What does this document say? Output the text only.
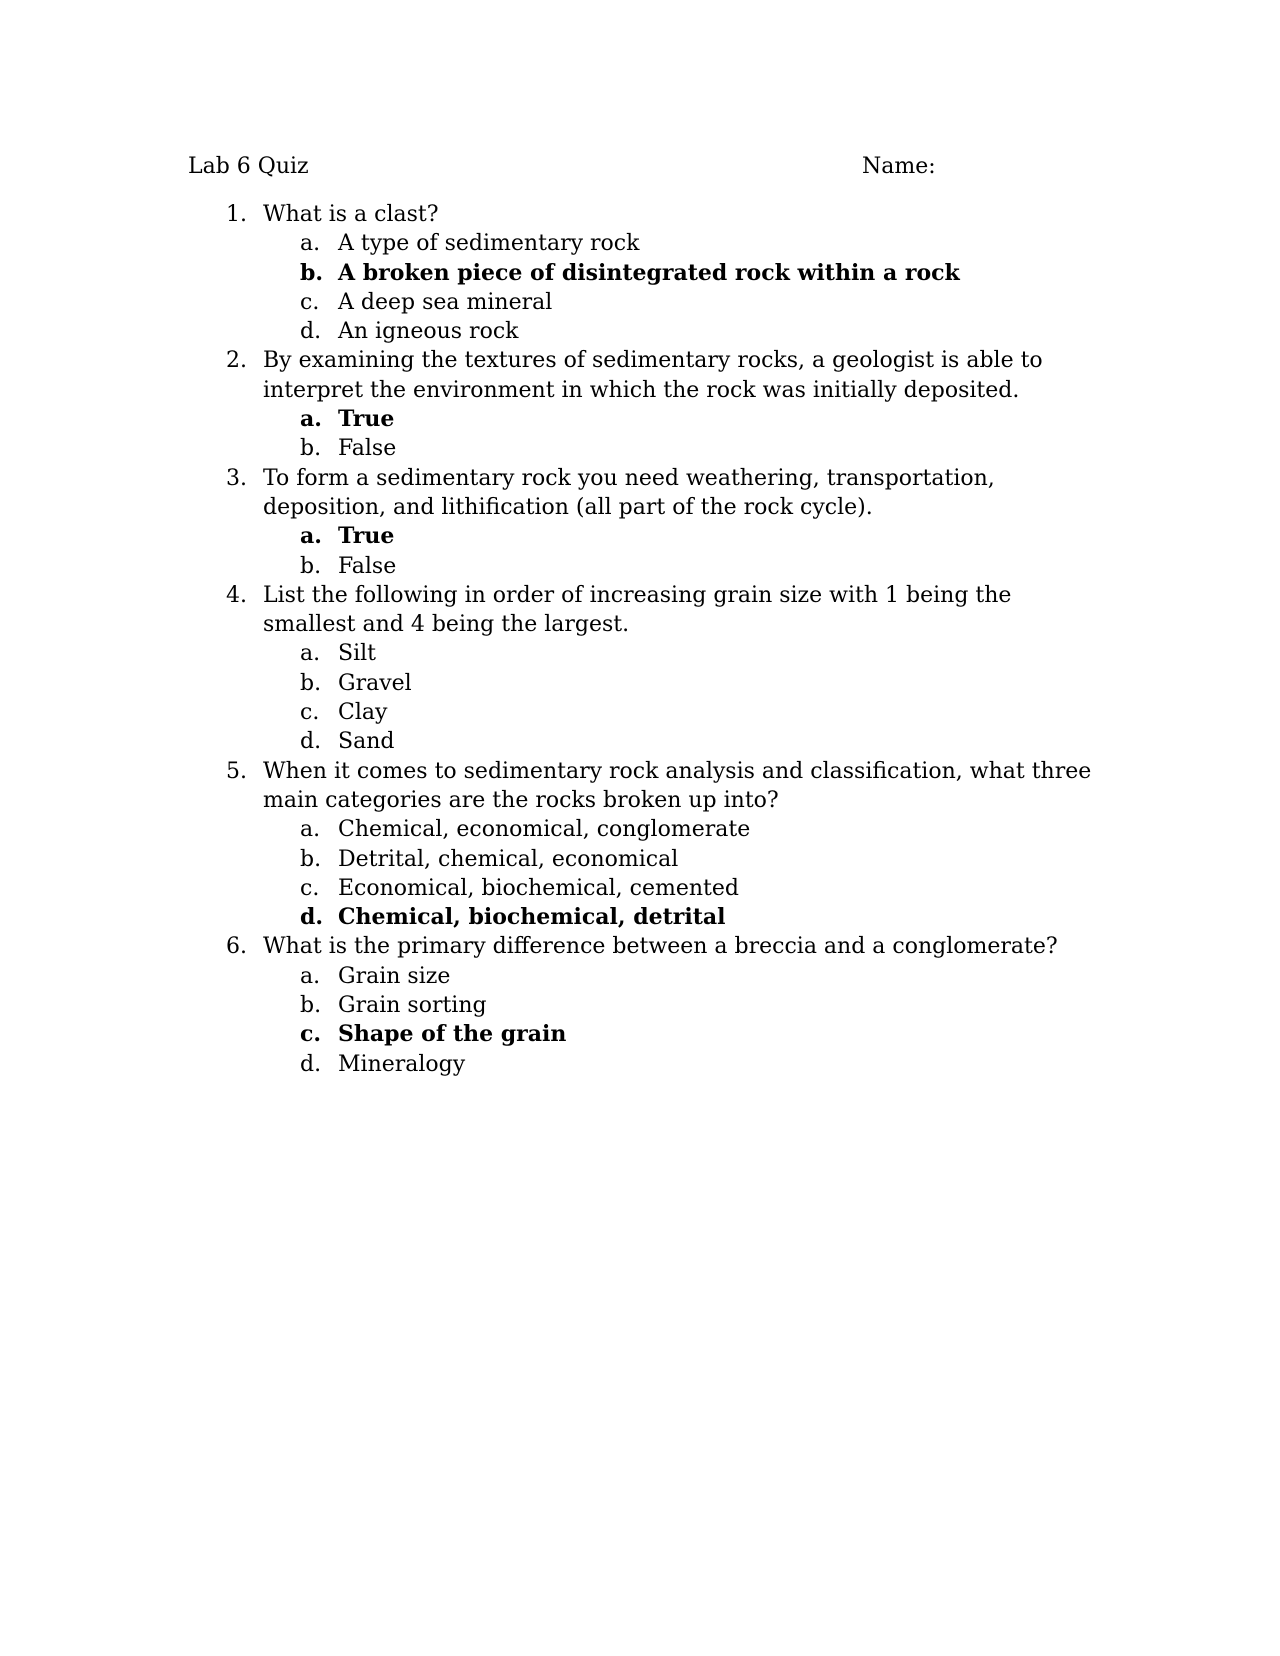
Lab 6 Quiz	Name:
1. What is a clast?
a. A type of sedimentary rock
b. A broken piece of disintegrated rock within a rock
c. A deep sea mineral
d. An igneous rock
2. By examining the textures of sedimentary rocks, a geologist is able to interpret the environment in which the rock was initially deposited.
a. True
b. False
3. To form a sedimentary rock you need weathering, transportation, deposition, and lithification (all part of the rock cycle).
a. True
b. False
4. List the following in order of increasing grain size with 1 being the smallest and 4 being the largest.
a. Silt
b. Gravel
c. Clay
d. Sand
5. When it comes to sedimentary rock analysis and classification, what three main categories are the rocks broken up into?
a. Chemical, economical, conglomerate
b. Detrital, chemical, economical
c. Economical, biochemical, cemented
d. Chemical, biochemical, detrital
6. What is the primary difference between a breccia and a conglomerate?
a. Grain size
b. Grain sorting
c. Shape of the grain
d. Mineralogy
